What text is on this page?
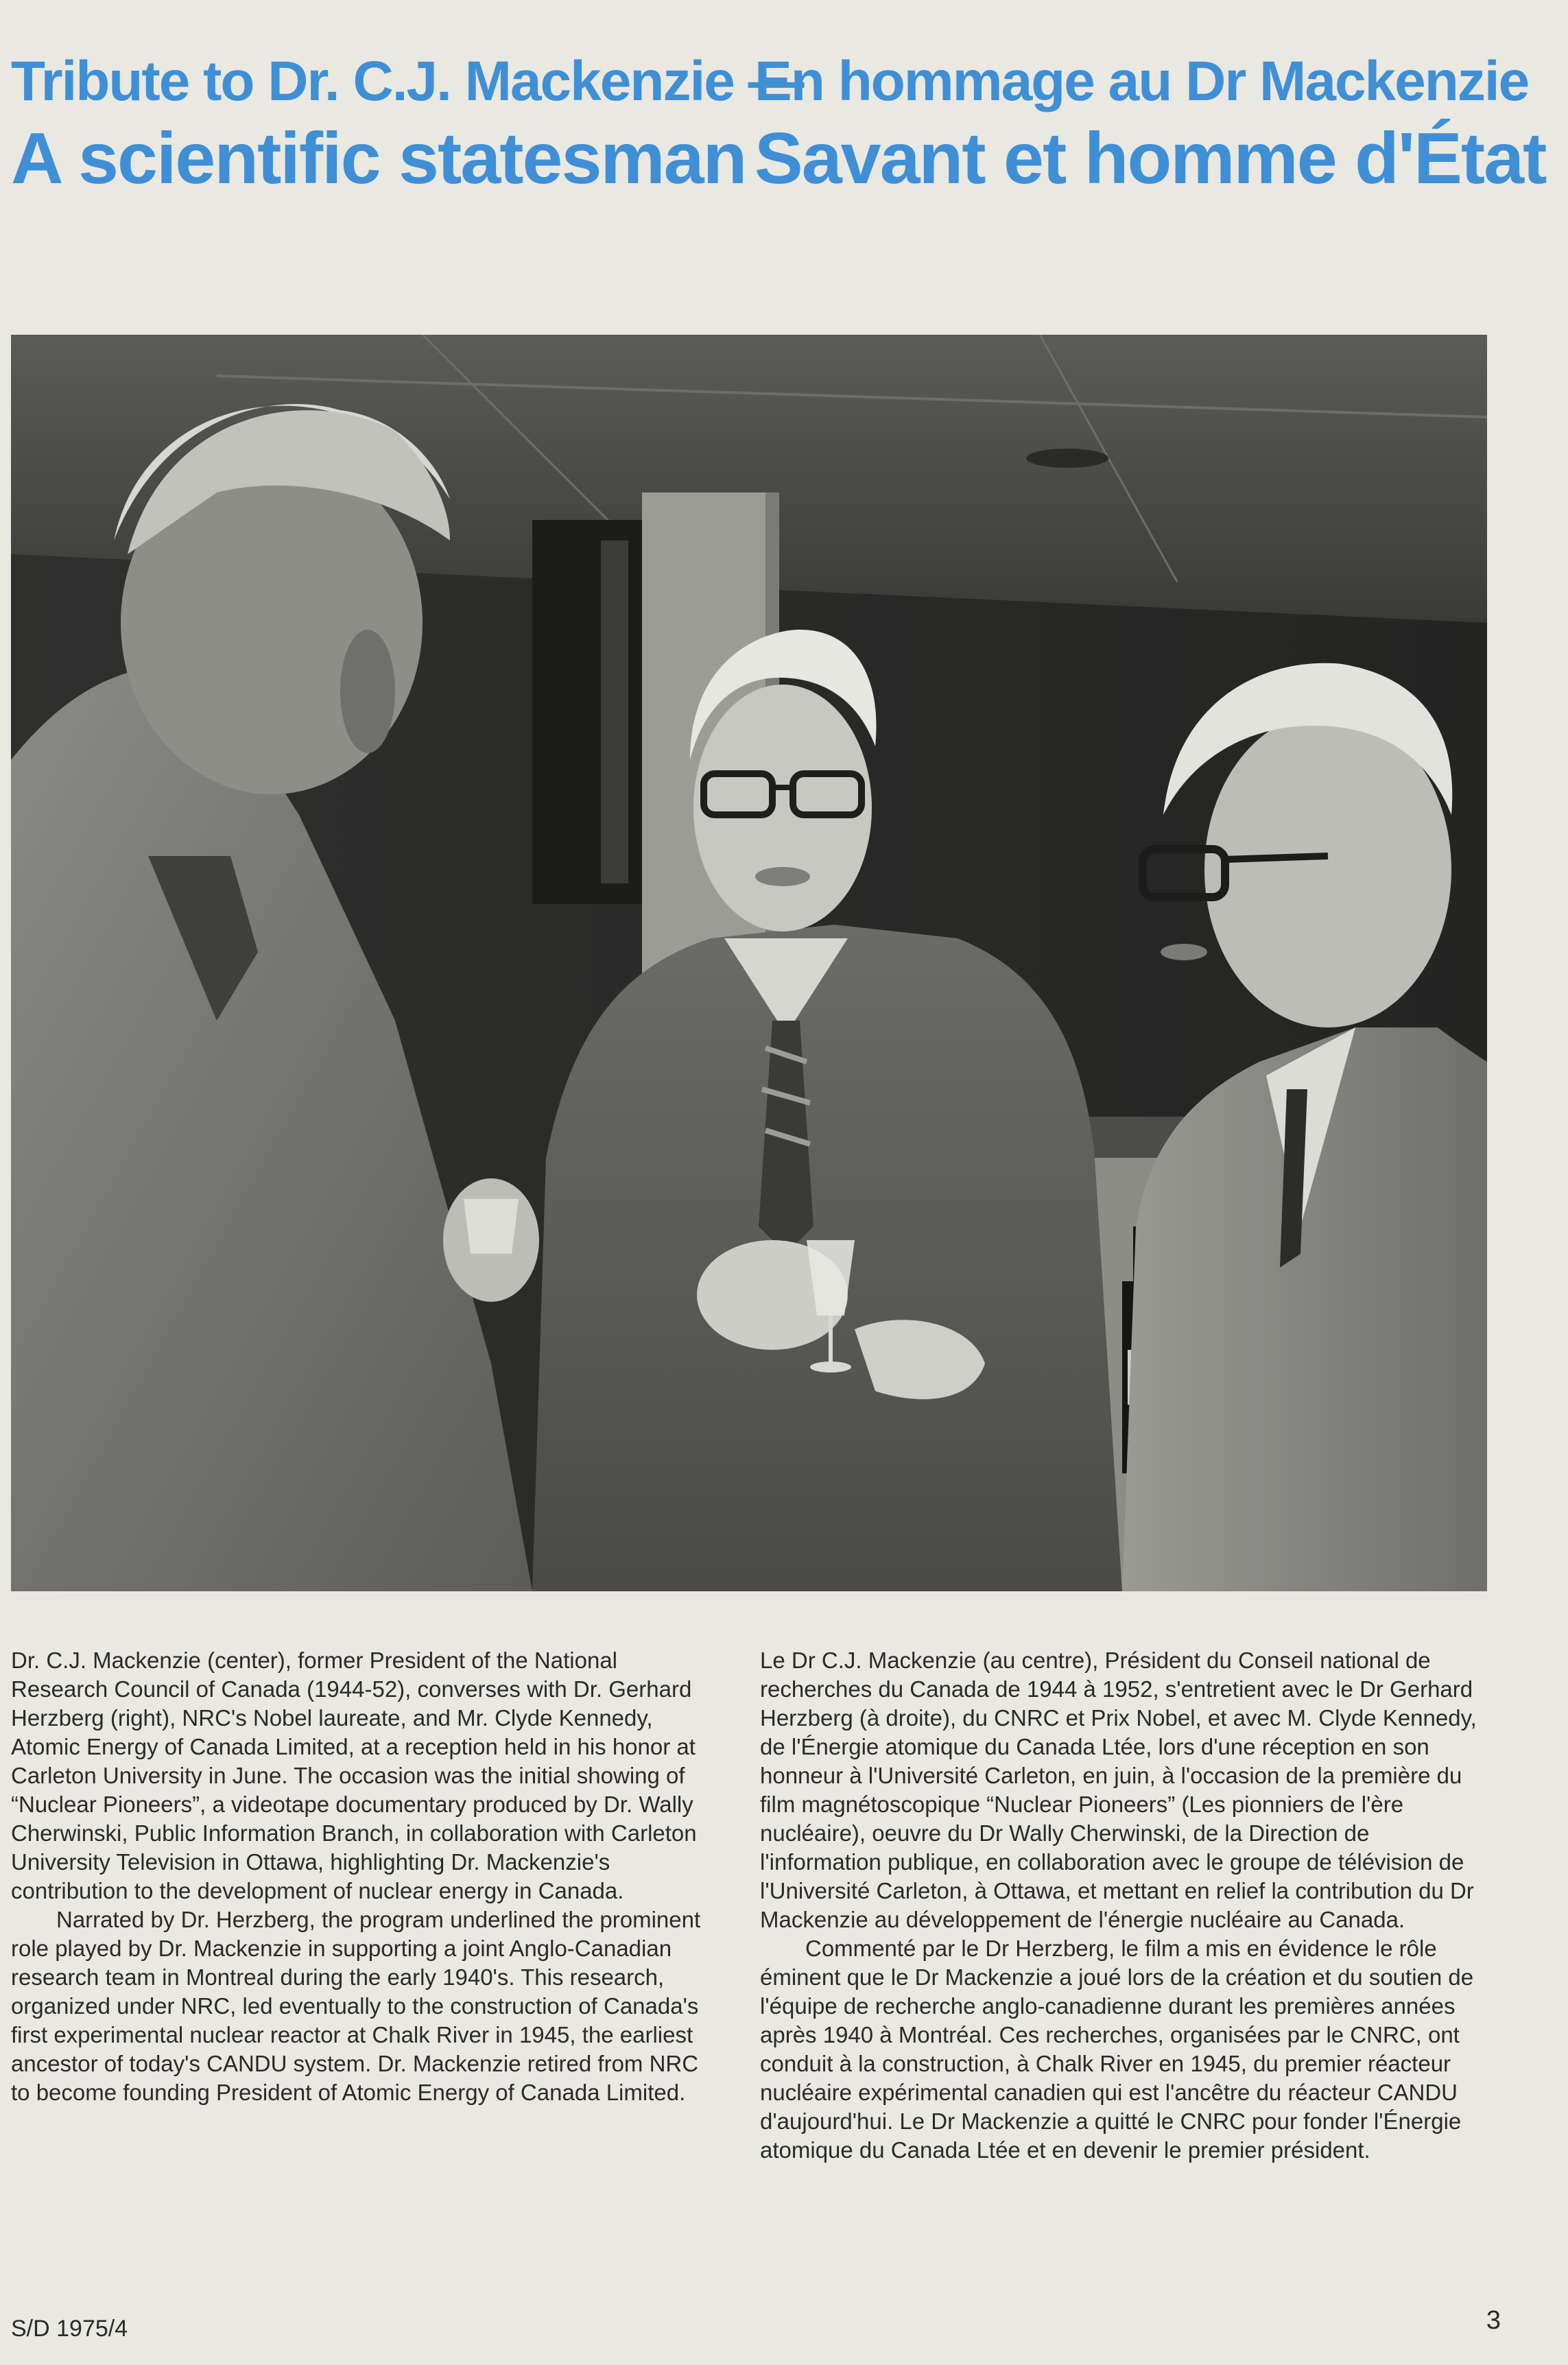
Tribute to Dr. C.J. Mackenzie —
A scientific statesman
En hommage au Dr Mackenzie
Savant et homme d'État

Dr. C.J. Mackenzie (center), former President of the National Research Council of Canada (1944-52), converses with Dr. Gerhard Herzberg (right), NRC's Nobel laureate, and Mr. Clyde Kennedy, Atomic Energy of Canada Limited, at a reception held in his honor at Carleton University in June. The occasion was the initial showing of “Nuclear Pioneers”, a videotape documentary produced by Dr. Wally Cherwinski, Public Information Branch, in collaboration with Carleton University Television in Ottawa, highlighting Dr. Mackenzie's contribution to the development of nuclear energy in Canada.

Narrated by Dr. Herzberg, the program underlined the prominent role played by Dr. Mackenzie in supporting a joint Anglo-Canadian research team in Montreal during the early 1940's. This research, organized under NRC, led eventually to the construction of Canada's first experimental nuclear reactor at Chalk River in 1945, the earliest ancestor of today's CANDU system. Dr. Mackenzie retired from NRC to become founding President of Atomic Energy of Canada Limited.

Le Dr C.J. Mackenzie (au centre), Président du Conseil national de recherches du Canada de 1944 à 1952, s'entretient avec le Dr Gerhard Herzberg (à droite), du CNRC et Prix Nobel, et avec M. Clyde Kennedy, de l'Énergie atomique du Canada Ltée, lors d'une réception en son honneur à l'Université Carleton, en juin, à l'occasion de la première du film magnétoscopique “Nuclear Pioneers” (Les pionniers de l'ère nucléaire), oeuvre du Dr Wally Cherwinski, de la Direction de l'information publique, en collaboration avec le groupe de télévision de l'Université Carleton, à Ottawa, et mettant en relief la contribution du Dr Mackenzie au développement de l'énergie nucléaire au Canada.

Commenté par le Dr Herzberg, le film a mis en évidence le rôle éminent que le Dr Mackenzie a joué lors de la création et du soutien de l'équipe de recherche anglo-canadienne durant les premières années après 1940 à Montréal. Ces recherches, organisées par le CNRC, ont conduit à la construction, à Chalk River en 1945, du premier réacteur nucléaire expérimental canadien qui est l'ancêtre du réacteur CANDU d'aujourd'hui. Le Dr Mackenzie a quitté le CNRC pour fonder l'Énergie atomique du Canada Ltée et en devenir le premier président.

S/D 1975/4	3
